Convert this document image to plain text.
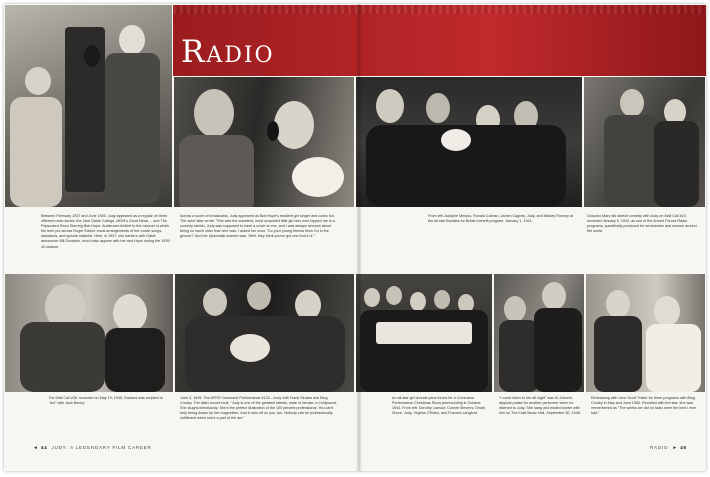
Radio
Between February 1937 and June 1940, Judy appeared as a regular on three different radio series: the Jack Oakie College, MGM's Good News..., and The Pepsodent Show Starring Bob Hope. Audiences thrilled to the manner in which the teen put across Roger Edens' vocal arrangements of her movie songs, standards, and special material. Here, in 1937, she banters with Oakie announcer Bill Goodwin, who'd also appear with her and Hope during the 1939-40 season.
Across a score of broadcasts, Judy appeared as Bob Hope's resident girl singer and comic foil. The actor later wrote: "She was the sweetest, most unspoiled little girl who ever tapped me in a comedy sketch. Judy was supposed to have a crush on me, and I was always nervous about being so much older than she was. I asked her once, 'Do your young friends think I'm in the groove?' And her diplomatic answer was, 'Well, they think you've got one foot in it.'"
From left: Adolphe Menjou, Ronald Colman, James Cagney, Judy, and Mickey Rooney at the all-star Bundles for Britain benefit program, January 1, 1941.
Groucho Marx did sketch comedy with Judy on Mail Call #10, recorded January 9, 1943, as one of the Armed Forces Radio programs, specifically produced for servicemen and women around the world.
For Mail Call #38, recorded on May 19, 1945, Garland was scripted to "act" with Jack Benny.
June 3, 1945: The AFRS Command Performance #122—Judy with Frank Sinatra and Bing Crosby. The latter would exult, "Judy is one of the greatest talents, male or female, in Hollywood. She laughs infectiously. She's the perfect illustration of the 100 percent professional. You can't help being drawn by her magnetism. And it rubs off on you, too. Nobody can be professionally indifferent when she's a part of the act."
An all-star girl chorale joins forces for a Command Performance Christmas Show prerecording in October 1944. From left: Dorothy Lamour, Connie Stevens, Dinah Shore, Judy, Virginia O'Brien, and Frances Langford.
"I could listen to her all night" was Al Jolson's atypical praise for another performer when he listened to Judy. She sang and traded banter with him on The Kraft Music Hall, September 30, 1948.
Rehearsing with John Scott Trotter for three programs with Bing Crosby in May and June 1950. Reunited with the star, she was remembered as "The weeks we did on radio were the best I ever had."
◄ 44 JUDY: A LEGENDARY FILM CAREER	RADIO ► 45
